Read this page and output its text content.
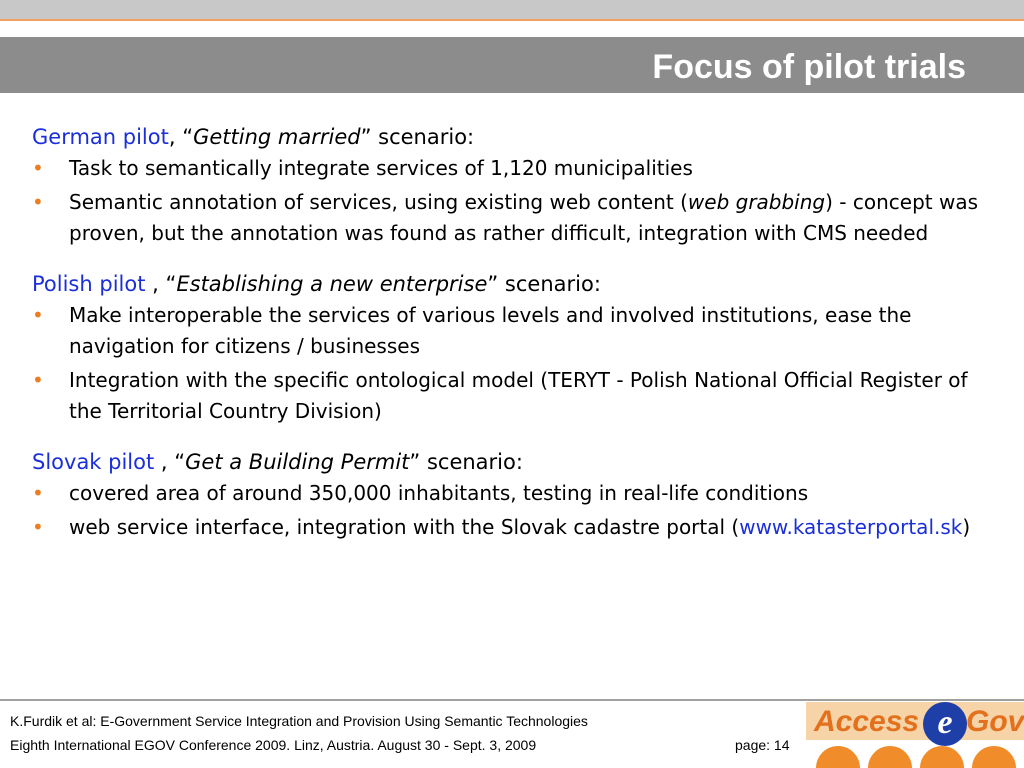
Focus of pilot trials
German pilot, “Getting married” scenario:
• Task to semantically integrate services of 1,120 municipalities
• Semantic annotation of services, using existing web content (web grabbing) - concept was proven, but the annotation was found as rather difficult, integration with CMS needed
Polish pilot , “Establishing a new enterprise” scenario:
• Make interoperable the services of various levels and involved institutions, ease the navigation for citizens / businesses
• Integration with the specific ontological model (TERYT - Polish National Official Register of the Territorial Country Division)
Slovak pilot , “Get a Building Permit” scenario:
• covered area of around 350,000 inhabitants, testing in real-life conditions
• web service interface, integration with the Slovak cadastre portal (www.katasterportal.sk)
K.Furdik et al: E-Government Service Integration and Provision Using Semantic Technologies
Eighth International EGOV Conference 2009. Linz, Austria. August 30 - Sept. 3, 2009	page: 14
Access e Gov
